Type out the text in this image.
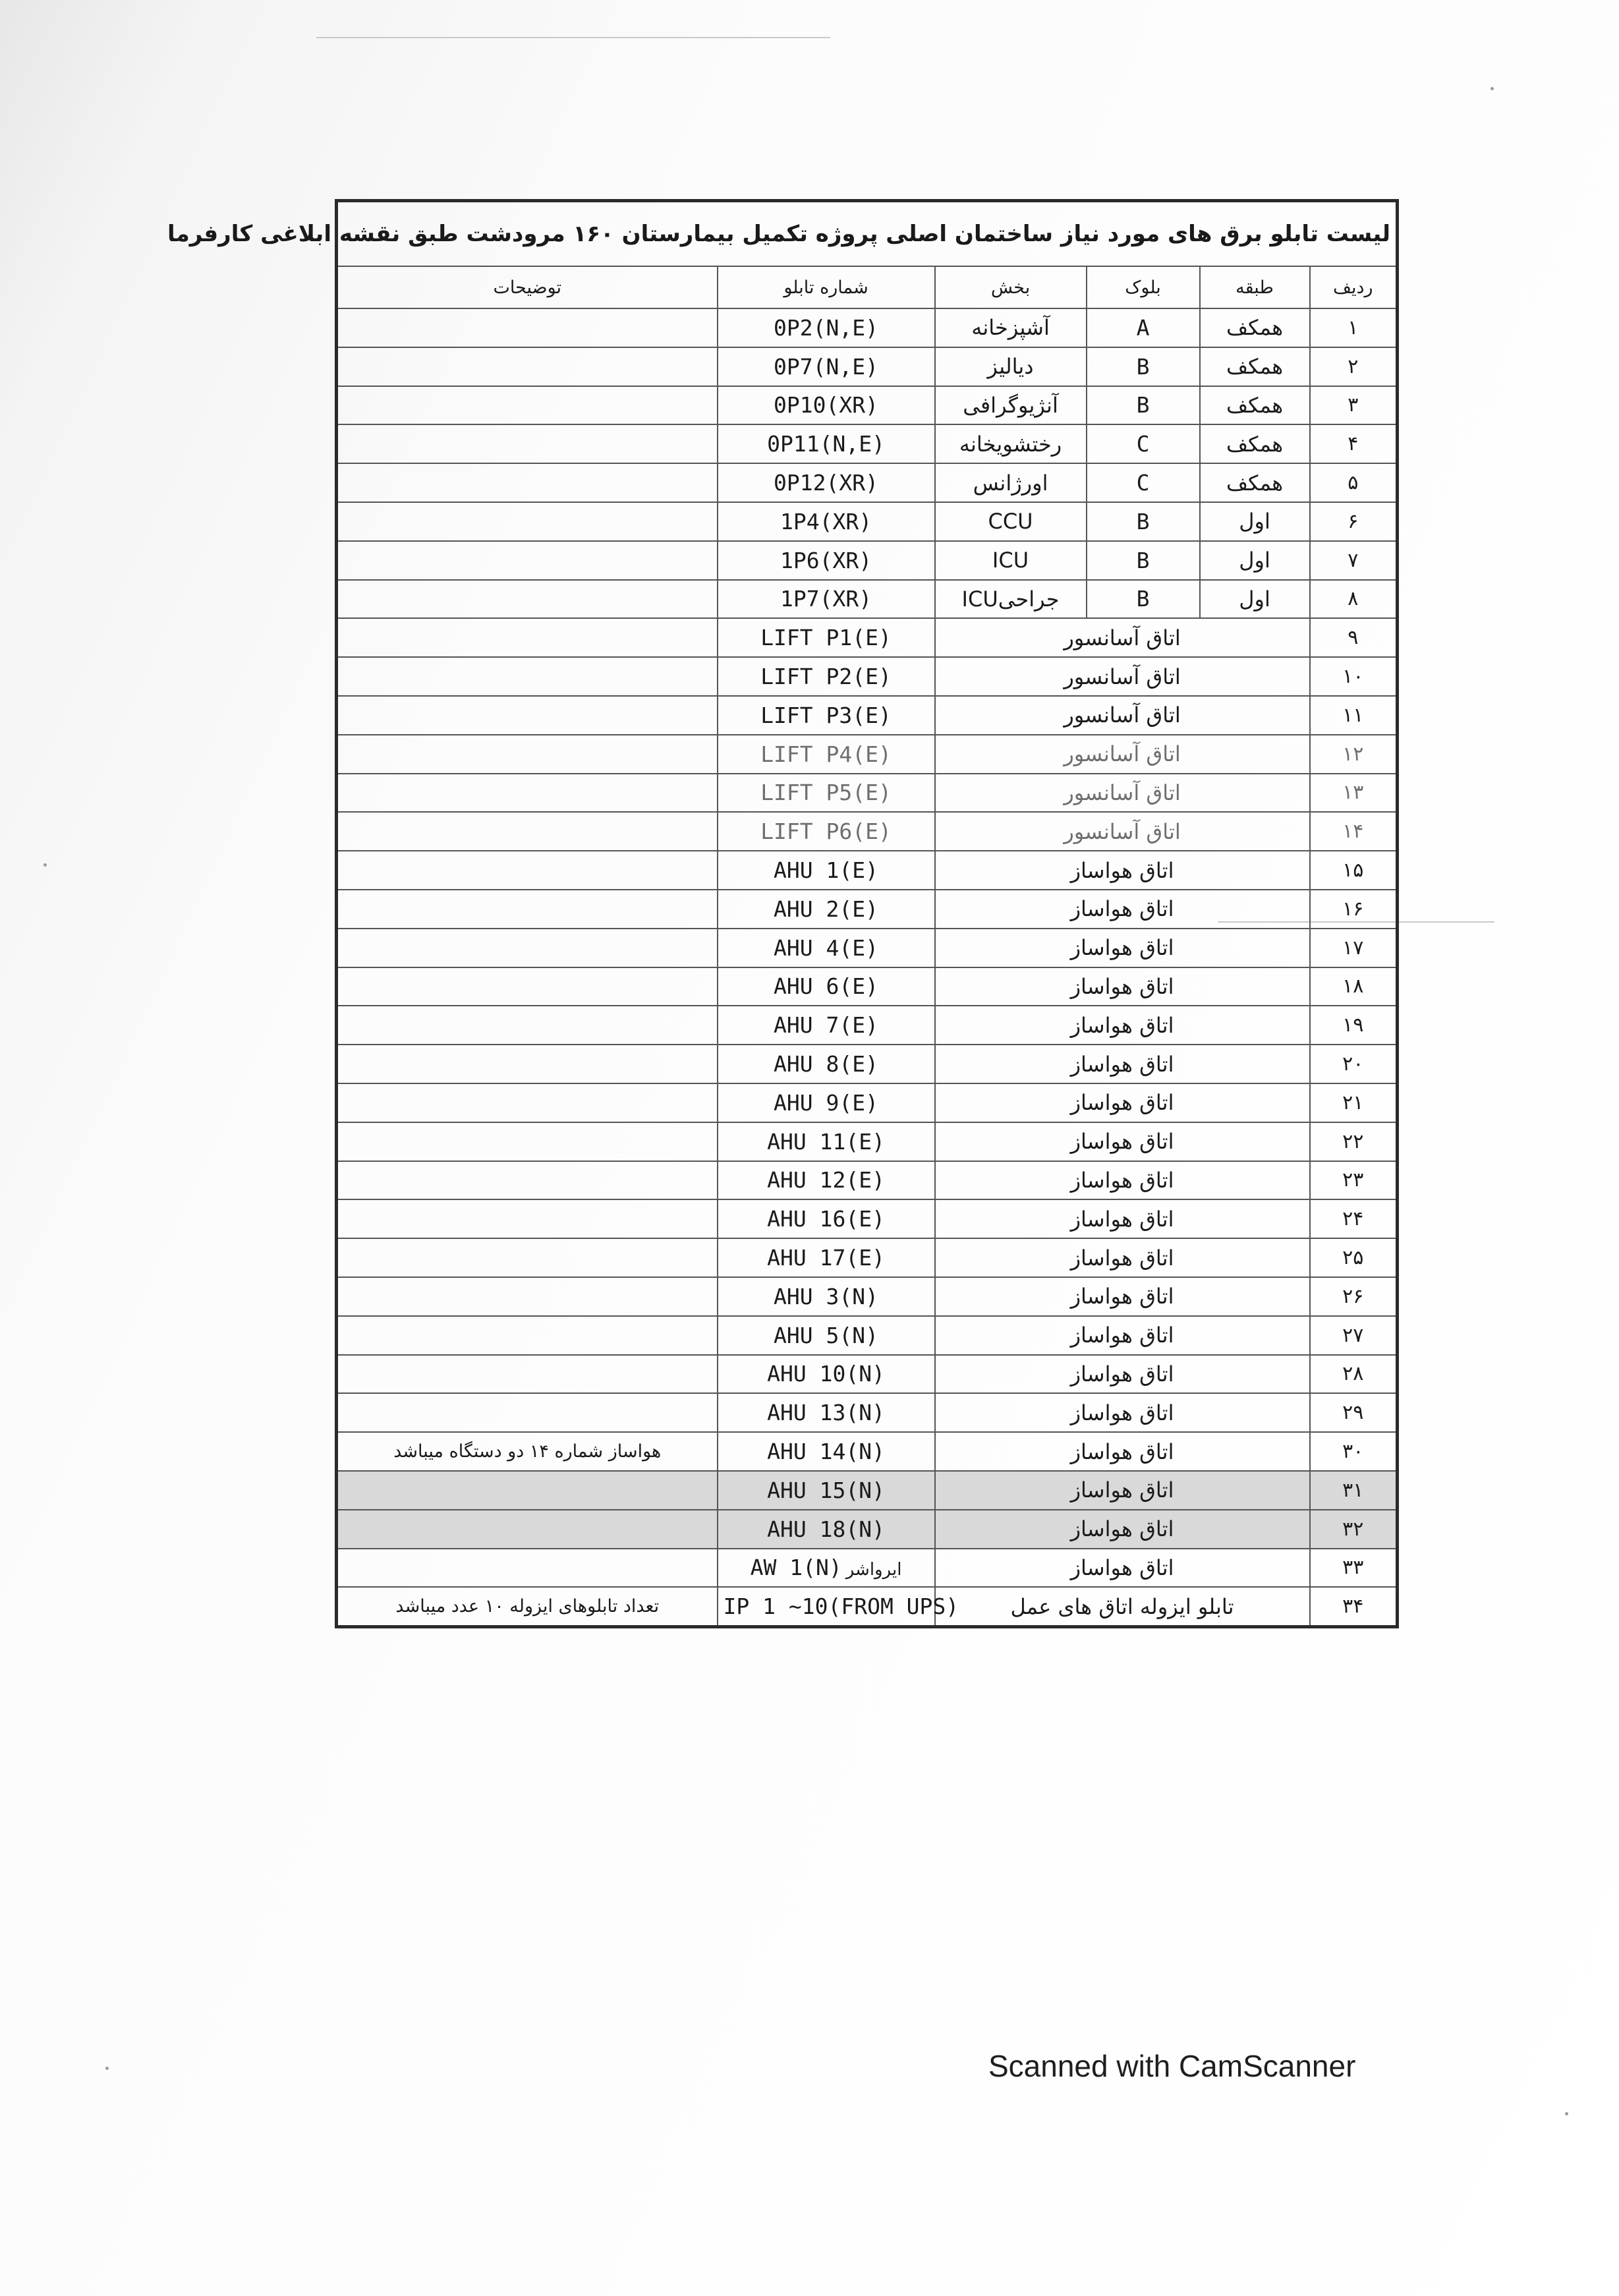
لیست تابلو برق های مورد نیاز ساختمان اصلی پروژه تکمیل بیمارستان ۱۶۰ مرودشت طبق نقشه ابلاغی کارفرما					
ردیف	طبقه	بلوک	بخش	شماره تابلو	توضیحات
۱	همکف	A	آشپزخانه	0P2(N,E)	
۲	همکف	B	دیالیز	0P7(N,E)	
۳	همکف	B	آنژیوگرافی	0P10(XR)	
۴	همکف	C	رختشویخانه	0P11(N,E)	
۵	همکف	C	اورژانس	0P12(XR)	
۶	اول	B	CCU	1P4(XR)	
۷	اول	B	ICU	1P6(XR)	
۸	اول	B	جراحیICU	1P7(XR)	
۹	اتاق آسانسور			LIFT P1(E)	
۱۰	اتاق آسانسور			LIFT P2(E)	
۱۱	اتاق آسانسور			LIFT P3(E)	
۱۲	اتاق آسانسور			LIFT P4(E)	
۱۳	اتاق آسانسور			LIFT P5(E)	
۱۴	اتاق آسانسور			LIFT P6(E)	
۱۵	اتاق هواساز			AHU 1(E)	
۱۶	اتاق هواساز			AHU 2(E)	
۱۷	اتاق هواساز			AHU 4(E)	
۱۸	اتاق هواساز			AHU 6(E)	
۱۹	اتاق هواساز			AHU 7(E)	
۲۰	اتاق هواساز			AHU 8(E)	
۲۱	اتاق هواساز			AHU 9(E)	
۲۲	اتاق هواساز			AHU 11(E)	
۲۳	اتاق هواساز			AHU 12(E)	
۲۴	اتاق هواساز			AHU 16(E)	
۲۵	اتاق هواساز			AHU 17(E)	
۲۶	اتاق هواساز			AHU 3(N)	
۲۷	اتاق هواساز			AHU 5(N)	
۲۸	اتاق هواساز			AHU 10(N)	
۲۹	اتاق هواساز			AHU 13(N)	
۳۰	اتاق هواساز			AHU 14(N)	هواساز شماره ۱۴ دو دستگاه میباشد
۳۱	اتاق هواساز			AHU 15(N)	
۳۲	اتاق هواساز			AHU 18(N)	
۳۳	اتاق هواساز			AW 1(N) ایرواشر	
۳۴	تابلو ایزوله اتاق های عمل			IP 1 ~10(FROM UPS)	تعداد تابلوهای ایزوله ۱۰ عدد میباشد
Scanned with CamScanner
